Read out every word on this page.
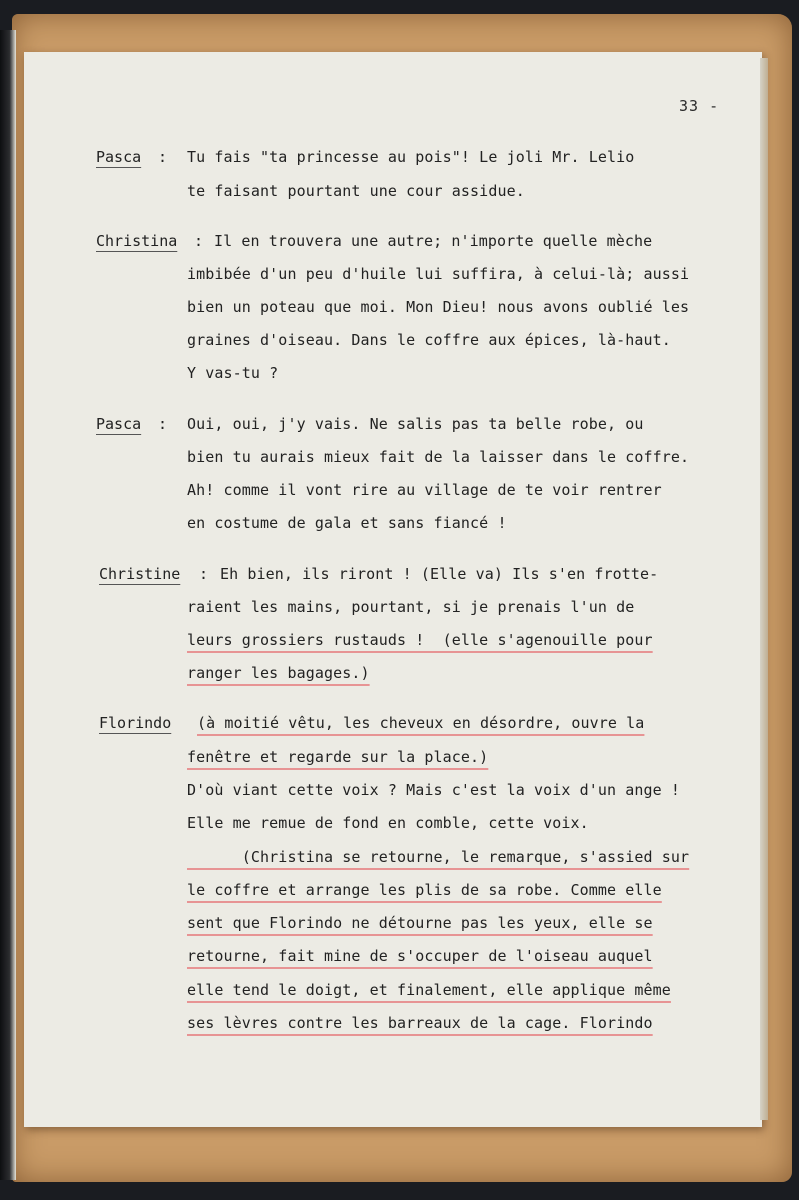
33 -
Pasca : Tu fais "ta princesse au pois"! Le joli Mr. Lelio
te faisant pourtant une cour assidue.
Christina : Il en trouvera une autre; n'importe quelle mèche
imbibée d'un peu d'huile lui suffira, à celui-là; aussi
bien un poteau que moi. Mon Dieu! nous avons oublié les
graines d'oiseau. Dans le coffre aux épices, là-haut.
Y vas-tu ?
Pasca : Oui, oui, j'y vais. Ne salis pas ta belle robe, ou
bien tu aurais mieux fait de la laisser dans le coffre.
Ah! comme il vont rire au village de te voir rentrer
en costume de gala et sans fiancé !
Christine : Eh bien, ils riront ! (Elle va) Ils s'en frotte-
raient les mains, pourtant, si je prenais l'un de
leurs grossiers rustauds !  (elle s'agenouille pour
ranger les bagages.)
Florindo (à moitié vêtu, les cheveux en désordre, ouvre la
fenêtre et regarde sur la place.)
D'où viant cette voix ? Mais c'est la voix d'un ange !
Elle me remue de fond en comble, cette voix.
(Christina se retourne, le remarque, s'assied sur
le coffre et arrange les plis de sa robe. Comme elle
sent que Florindo ne détourne pas les yeux, elle se
retourne, fait mine de s'occuper de l'oiseau auquel
elle tend le doigt, et finalement, elle applique même
ses lèvres contre les barreaux de la cage. Florindo
